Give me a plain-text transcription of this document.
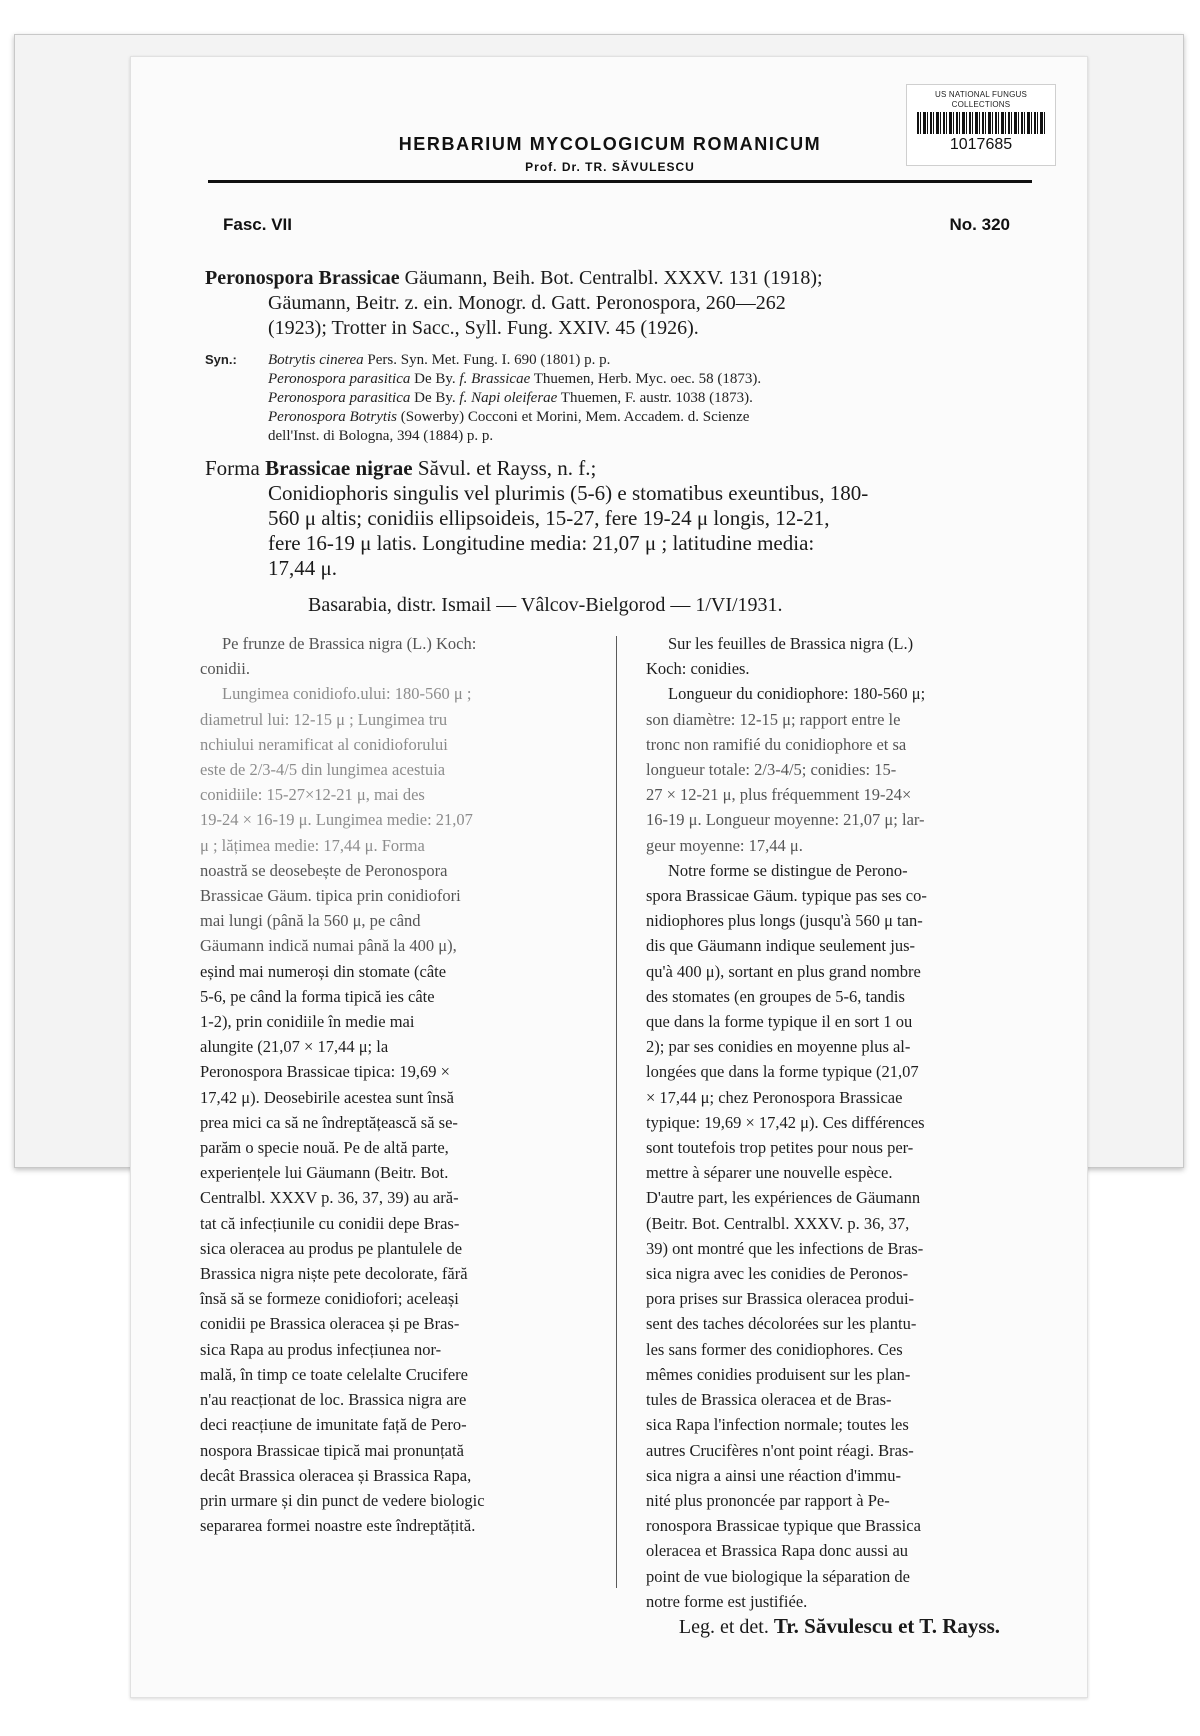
US NATIONAL FUNGUS COLLECTIONS
1017685
HERBARIUM MYCOLOGICUM ROMANICUM
Prof. Dr. TR. SĂVULESCU
Fasc. VII	No. 320
Peronospora Brassicae Gäumann, Beih. Bot. Centralbl. XXXV. 131 (1918);
Gäumann, Beitr. z. ein. Monogr. d. Gatt. Peronospora, 260—262
(1923); Trotter in Sacc., Syll. Fung. XXIV. 45 (1926).
Syn.: Botrytis cinerea Pers. Syn. Met. Fung. I. 690 (1801) p. p.
Peronospora parasitica De By. f. Brassicae Thuemen, Herb. Myc. oec. 58 (1873).
Peronospora parasitica De By. f. Napi oleiferae Thuemen, F. austr. 1038 (1873).
Peronospora Botrytis (Sowerby) Cocconi et Morini, Mem. Accadem. d. Scienze
dell'Inst. di Bologna, 394 (1884) p. p.
Forma Brassicae nigrae Săvul. et Rayss, n. f.;
Conidiophoris singulis vel plurimis (5-6) e stomatibus exeuntibus, 180-
560 μ altis; conidiis ellipsoideis, 15-27, fere 19-24 μ longis, 12-21,
fere 16-19 μ latis. Longitudine media: 21,07 μ ; latitudine media:
17,44 μ.
Basarabia, distr. Ismail — Vâlcov-Bielgorod — 1/VI/1931.
Pe frunze de Brassica nigra (L.) Koch:
conidii.
Lungimea conidiofo.ului: 180-560 μ ;
diametrul lui: 12-15 μ ; Lungimea tru
nchiului neramificat al conidioforului
este de 2/3-4/5 din lungimea acestuia
conidiile: 15-27×12-21 μ, mai des
19-24 × 16-19 μ. Lungimea medie: 21,07
μ ; lățimea medie: 17,44 μ. Forma
noastră se deosebește de Peronospora
Brassicae Gäum. tipica prin conidiofori
mai lungi (până la 560 μ, pe când
Gäumann indică numai până la 400 μ),
eșind mai numeroși din stomate (câte
5-6, pe când la forma tipică ies câte
1-2), prin conidiile în medie mai
alungite (21,07 × 17,44 μ; la
Peronospora Brassicae tipica: 19,69 ×
17,42 μ). Deosebirile acestea sunt însă
prea mici ca să ne îndreptățească să se-
parăm o specie nouă. Pe de altă parte,
experiențele lui Gäumann (Beitr. Bot.
Centralbl. XXXV p. 36, 37, 39) au ară-
tat că infecțiunile cu conidii depe Bras-
sica oleracea au produs pe plantulele de
Brassica nigra niște pete decolorate, fără
însă să se formeze conidiofori; aceleași
conidii pe Brassica oleracea și pe Bras-
sica Rapa au produs infecțiunea nor-
mală, în timp ce toate celelalte Crucifere
n'au reacționat de loc. Brassica nigra are
deci reacțiune de imunitate față de Pero-
nospora Brassicae tipică mai pronunțată
decât Brassica oleracea și Brassica Rapa,
prin urmare și din punct de vedere biologic
separarea formei noastre este îndreptățită.
Sur les feuilles de Brassica nigra (L.)
Koch: conidies.
Longueur du conidiophore: 180-560 μ;
son diamètre: 12-15 μ; rapport entre le
tronc non ramifié du conidiophore et sa
longueur totale: 2/3-4/5; conidies: 15-
27 × 12-21 μ, plus fréquemment 19-24×
16-19 μ. Longueur moyenne: 21,07 μ; lar-
geur moyenne: 17,44 μ.
Notre forme se distingue de Perono-
spora Brassicae Gäum. typique pas ses co-
nidiophores plus longs (jusqu'à 560 μ tan-
dis que Gäumann indique seulement jus-
qu'à 400 μ), sortant en plus grand nombre
des stomates (en groupes de 5-6, tandis
que dans la forme typique il en sort 1 ou
2); par ses conidies en moyenne plus al-
longées que dans la forme typique (21,07
× 17,44 μ; chez Peronospora Brassicae
typique: 19,69 × 17,42 μ). Ces différences
sont toutefois trop petites pour nous per-
mettre à séparer une nouvelle espèce.
D'autre part, les expériences de Gäumann
(Beitr. Bot. Centralbl. XXXV. p. 36, 37,
39) ont montré que les infections de Bras-
sica nigra avec les conidies de Peronos-
pora prises sur Brassica oleracea produi-
sent des taches décolorées sur les plantu-
les sans former des conidiophores. Ces
mêmes conidies produisent sur les plan-
tules de Brassica oleracea et de Bras-
sica Rapa l'infection normale; toutes les
autres Crucifères n'ont point réagi. Bras-
sica nigra a ainsi une réaction d'immu-
nité plus prononcée par rapport à Pe-
ronospora Brassicae typique que Brassica
oleracea et Brassica Rapa donc aussi au
point de vue biologique la séparation de
notre forme est justifiée.
Leg. et det. Tr. Săvulescu et T. Rayss.
